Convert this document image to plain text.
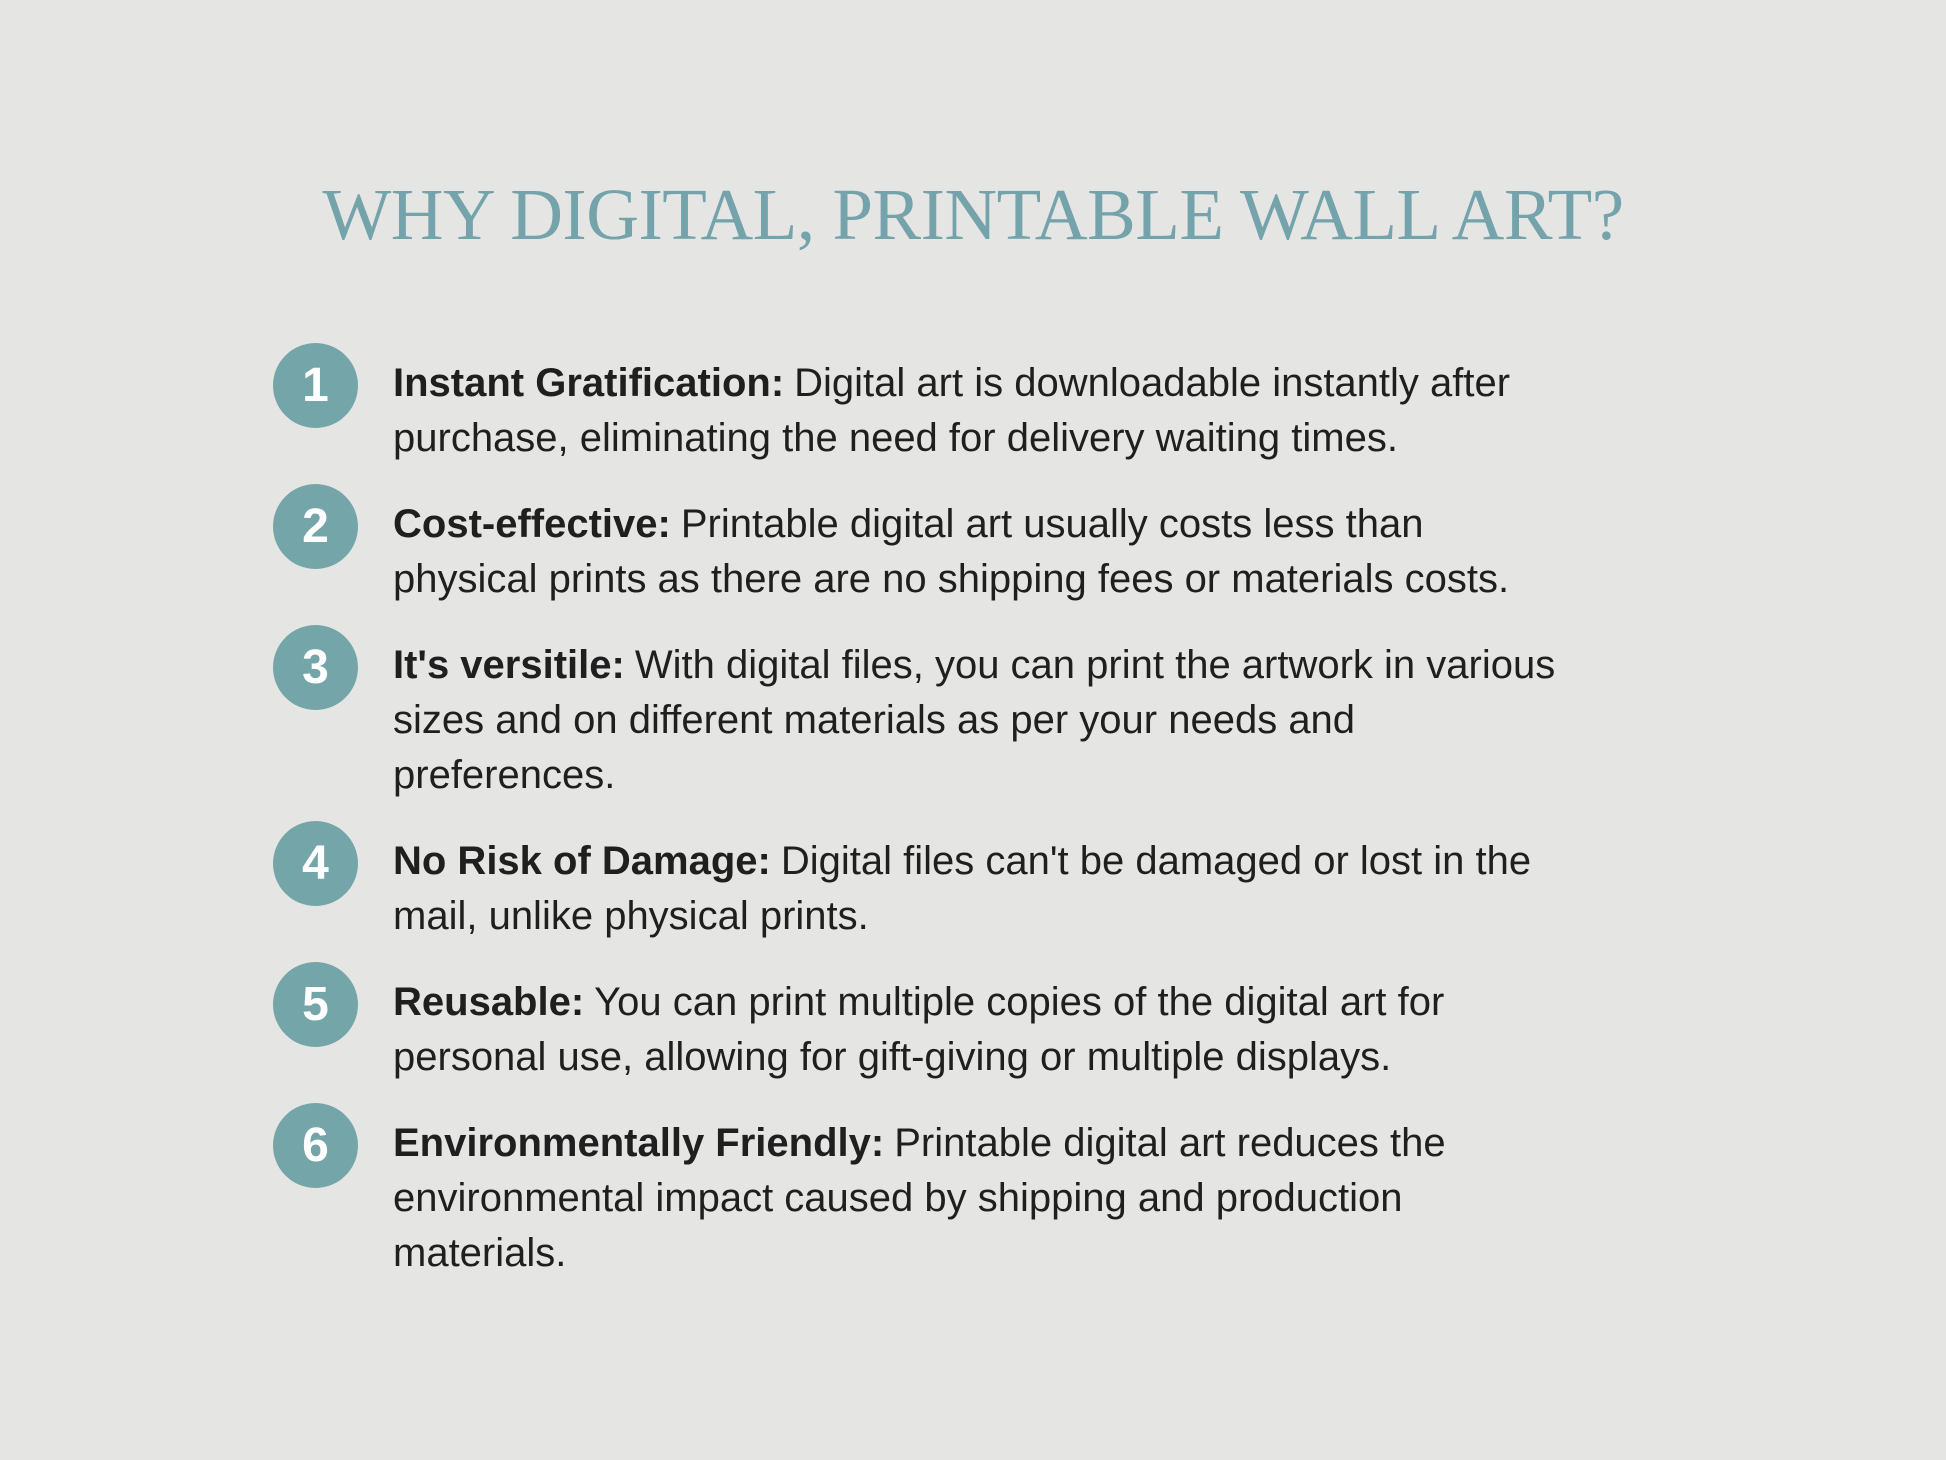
WHY DIGITAL, PRINTABLE WALL ART?
1 Instant Gratification: Digital art is downloadable instantly after
purchase, eliminating the need for delivery waiting times.
2 Cost-effective: Printable digital art usually costs less than
physical prints as there are no shipping fees or materials costs.
3 It's versitile: With digital files, you can print the artwork in various
sizes and on different materials as per your needs and
preferences.
4 No Risk of Damage: Digital files can't be damaged or lost in the
mail, unlike physical prints.
5 Reusable: You can print multiple copies of the digital art for
personal use, allowing for gift-giving or multiple displays.
6 Environmentally Friendly: Printable digital art reduces the
environmental impact caused by shipping and production
materials.
